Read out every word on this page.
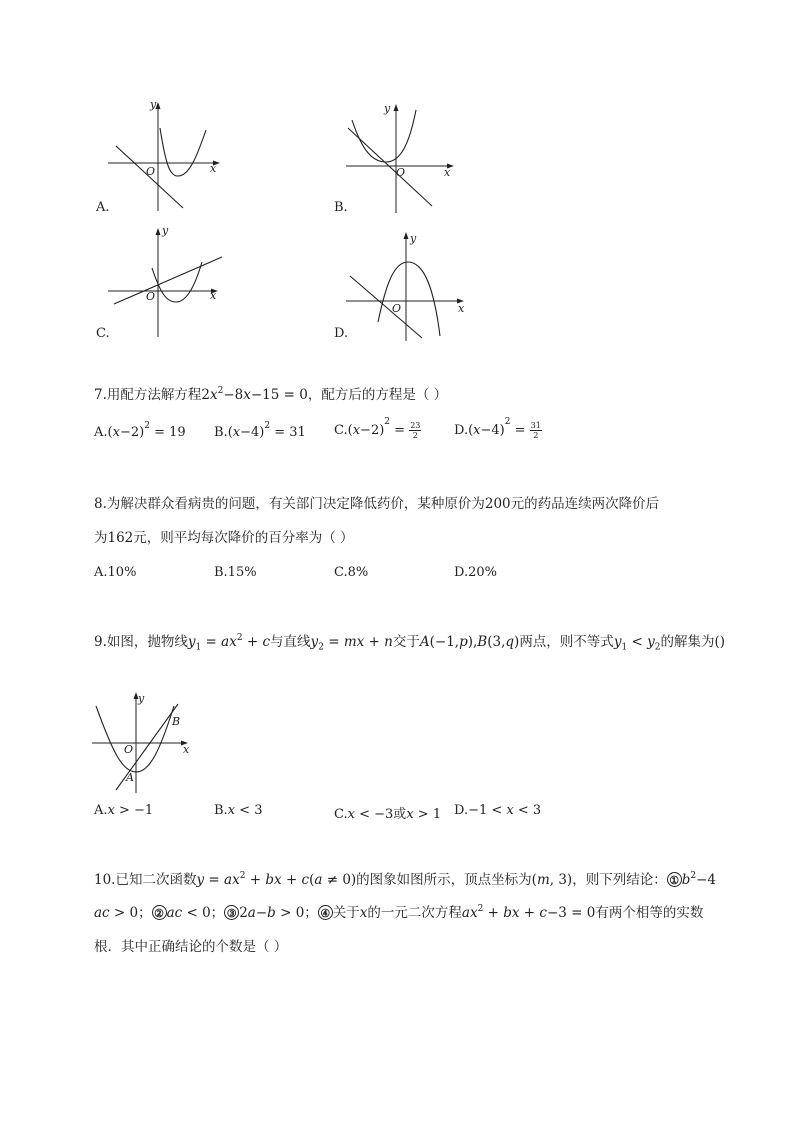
y
x
O
A.
y
x
O
B.
y
x
O
C.
y
x
O
D.
7.用配方法解方程$2x^2-8x-15 = 0$，配方后的方程是（ ）
$A.(x-2)^2 = 19$ $B.(x-4)^2 = 31$ $C.(x-2)^2 = \frac{23}{2}$	$D.(x-4)^2 = \frac{31}{2}$
8.为解决群众看病贵的问题，有关部门决定降低药价，某种原价为200元的药品连续两次降价后
为162元，则平均每次降价的百分率为（ ）
A.10%	B.15%	C.8%	D.20%
9.如图，抛物线$y_1 = ax^2 + c$与直线$y_2$ = mx + n交于A(−1,p),B(3,q)两点，则不等式$y_1 < y_2$的解集为()
y
x
O
A
B
A.x > −1	B.x < 3	C.x < −3或x > 1 D.−1 < x < 3
10.已知二次函数$y = ax^2$ + bx + c(a ≠ 0)的图象如图所示，顶点坐标为(m, 3)，则下列结论： ① $b^2-4$
ac > 0； ② ac < 0； ③ 2a−b > 0； ④ 关于x的一元二次方程$ax^2$ + bx + c−3 = 0有两个相等的实数
根．其中正确结论的个数是（ ）
